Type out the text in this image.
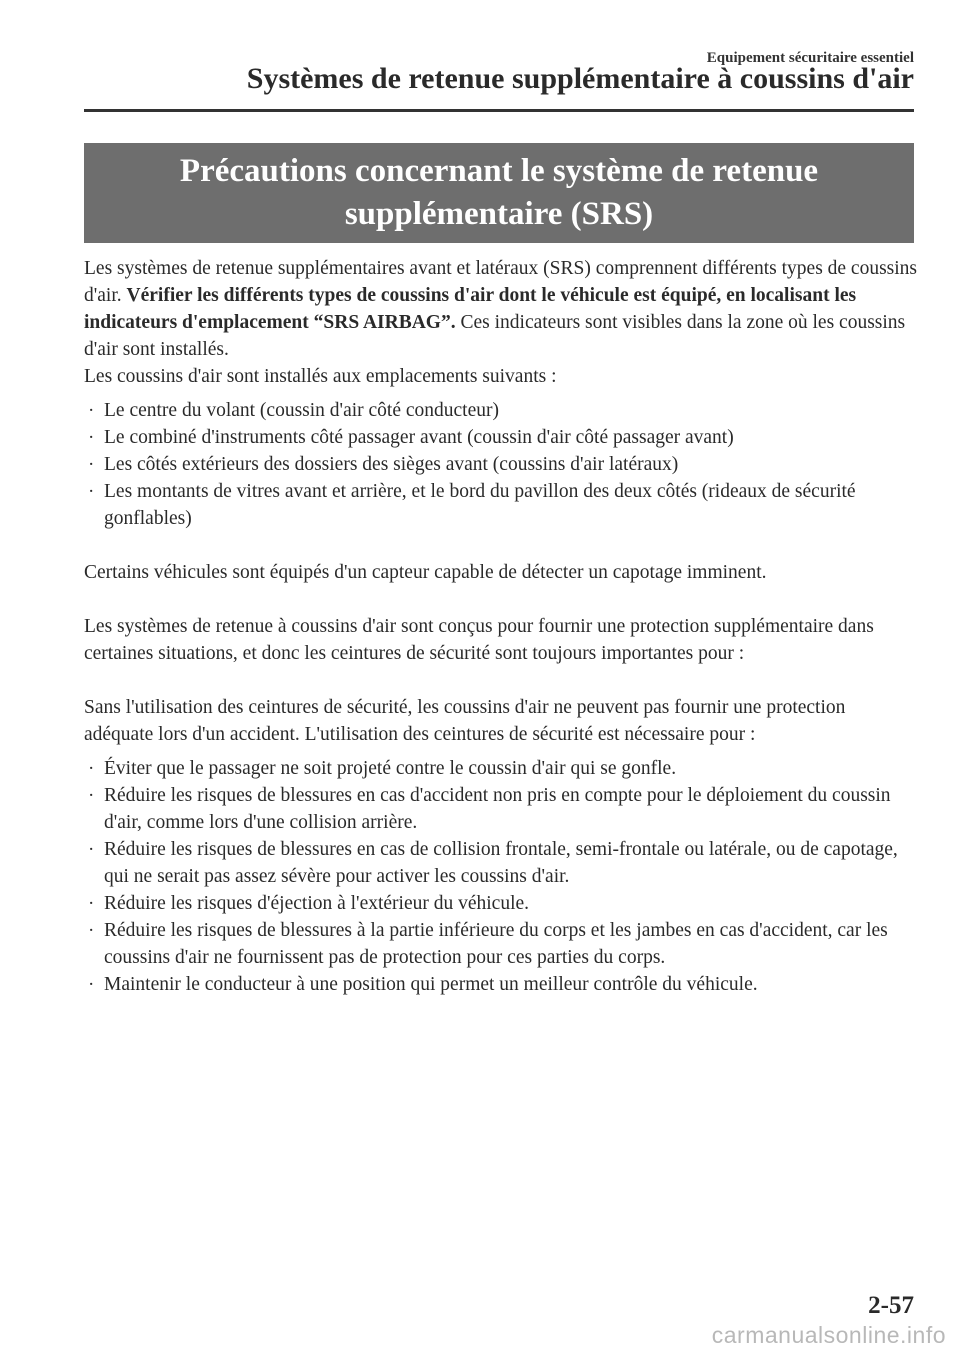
Equipement sécuritaire essentiel
Systèmes de retenue supplémentaire à coussins d'air
Précautions concernant le système de retenue supplémentaire (SRS)

Les systèmes de retenue supplémentaires avant et latéraux (SRS) comprennent différents types de coussins d'air. Vérifier les différents types de coussins d'air dont le véhicule est équipé, en localisant les indicateurs d'emplacement “SRS AIRBAG”. Ces indicateurs sont visibles dans la zone où les coussins d'air sont installés.

Les coussins d'air sont installés aux emplacements suivants :

· Le centre du volant (coussin d'air côté conducteur)
· Le combiné d'instruments côté passager avant (coussin d'air côté passager avant)
· Les côtés extérieurs des dossiers des sièges avant (coussins d'air latéraux)
· Les montants de vitres avant et arrière, et le bord du pavillon des deux côtés (rideaux de sécurité gonflables)

Certains véhicules sont équipés d'un capteur capable de détecter un capotage imminent.

Les systèmes de retenue à coussins d'air sont conçus pour fournir une protection supplémentaire dans certaines situations, et donc les ceintures de sécurité sont toujours importantes pour :

Sans l'utilisation des ceintures de sécurité, les coussins d'air ne peuvent pas fournir une protection adéquate lors d'un accident. L'utilisation des ceintures de sécurité est nécessaire pour :

· Éviter que le passager ne soit projeté contre le coussin d'air qui se gonfle.
· Réduire les risques de blessures en cas d'accident non pris en compte pour le déploiement du coussin d'air, comme lors d'une collision arrière.
· Réduire les risques de blessures en cas de collision frontale, semi-frontale ou latérale, ou de capotage, qui ne serait pas assez sévère pour activer les coussins d'air.
· Réduire les risques d'éjection à l'extérieur du véhicule.
· Réduire les risques de blessures à la partie inférieure du corps et les jambes en cas d'accident, car les coussins d'air ne fournissent pas de protection pour ces parties du corps.
· Maintenir le conducteur à une position qui permet un meilleur contrôle du véhicule.
2-57
carmanualsonline.info
